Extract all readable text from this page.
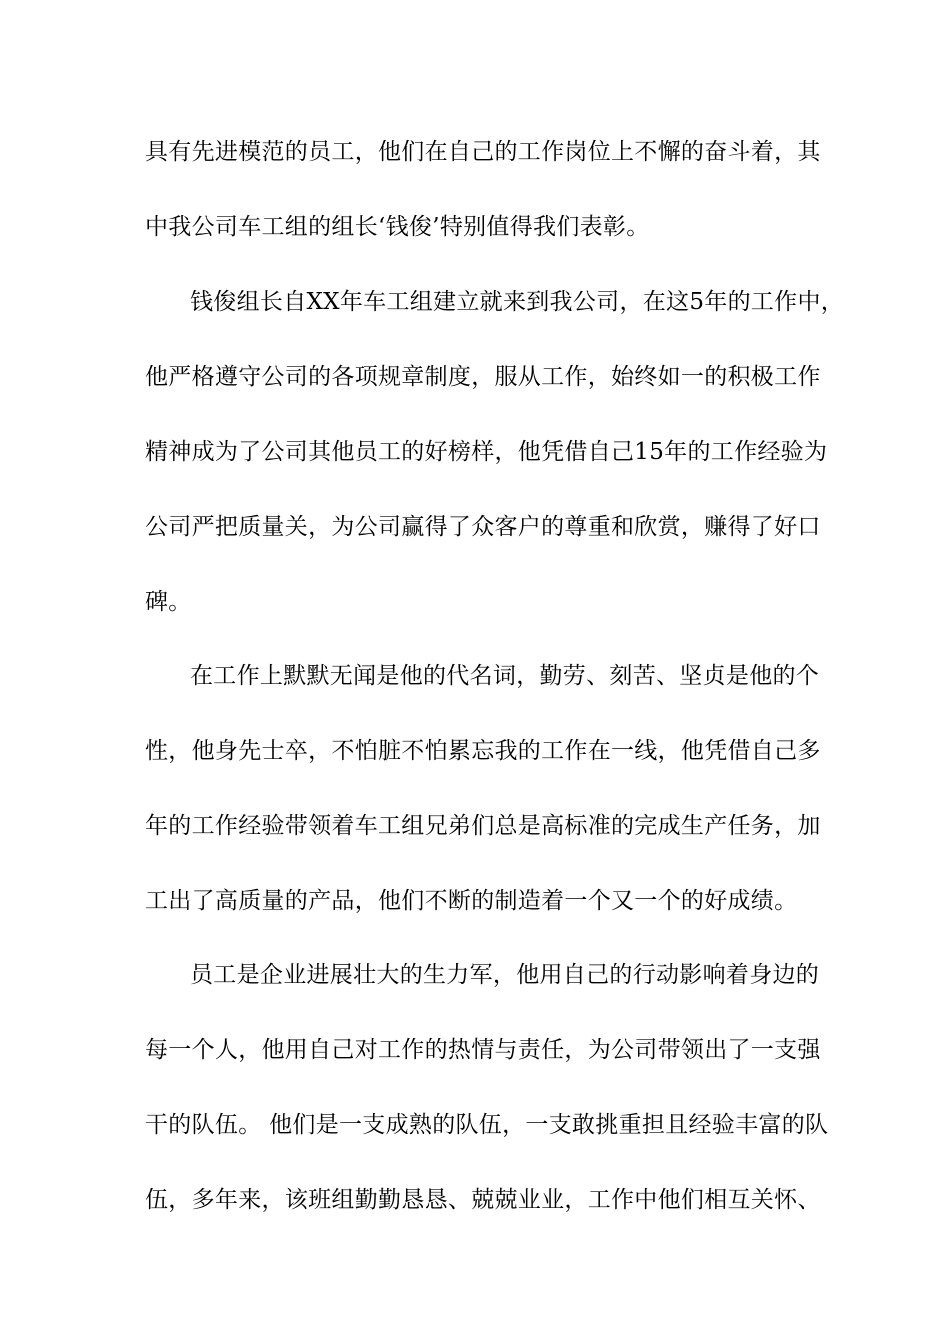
具有先进模范的员工，他们在自己的工作岗位上不懈的奋斗着，其
中我公司车工组的组长‘钱俊’特别值得我们表彰。
钱俊组长自XX年车工组建立就来到我公司，在这5年的工作中，
他严格遵守公司的各项规章制度，服从工作，始终如一的积极工作
精神成为了公司其他员工的好榜样，他凭借自己15年的工作经验为
公司严把质量关，为公司赢得了众客户的尊重和欣赏，赚得了好口
碑。
在工作上默默无闻是他的代名词，勤劳、刻苦、坚贞是他的个
性，他身先士卒，不怕脏不怕累忘我的工作在一线，他凭借自己多
年的工作经验带领着车工组兄弟们总是高标准的完成生产任务，加
工出了高质量的产品，他们不断的制造着一个又一个的好成绩。
员工是企业进展壮大的生力军，他用自己的行动影响着身边的
每一个人，他用自己对工作的热情与责任，为公司带领出了一支强
干的队伍。 他们是一支成熟的队伍，一支敢挑重担且经验丰富的队
伍，多年来，该班组勤勤恳恳、兢兢业业，工作中他们相互关怀、
